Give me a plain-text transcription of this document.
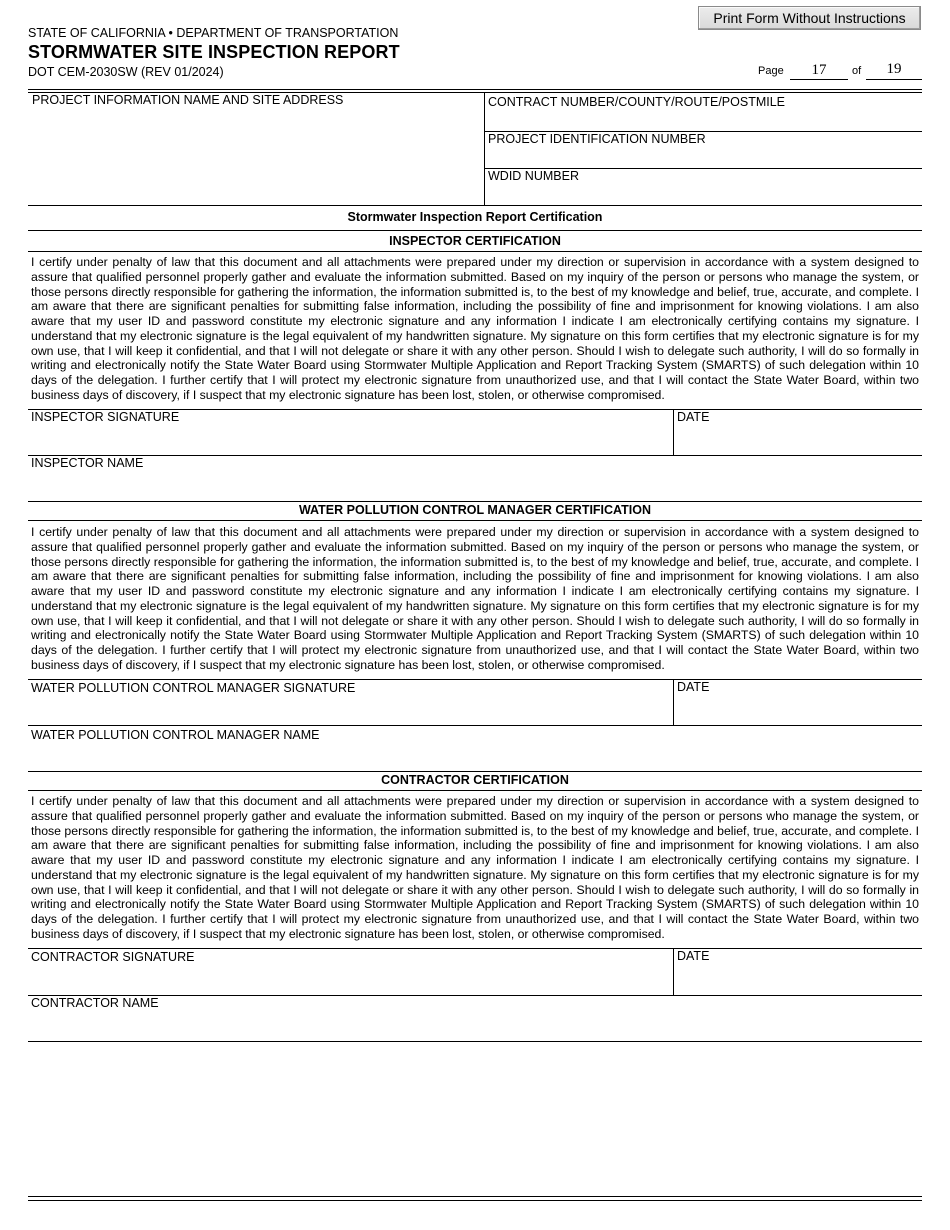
STATE OF CALIFORNIA • DEPARTMENT OF TRANSPORTATION
STORMWATER SITE INSPECTION REPORT
DOT CEM-2030SW (REV 01/2024)
Print Form Without Instructions
Page	17	of	19
PROJECT INFORMATION NAME AND SITE ADDRESS	CONTRACT NUMBER/COUNTY/ROUTE/POSTMILE
PROJECT IDENTIFICATION NUMBER
WDID NUMBER
Stormwater Inspection Report Certification
INSPECTOR CERTIFICATION
I certify under penalty of law that this document and all attachments were prepared under my direction or supervision in accordance with a system designed to assure that qualified personnel properly gather and evaluate the information submitted. Based on my inquiry of the person or persons who manage the system, or those persons directly responsible for gathering the information, the information submitted is, to the best of my knowledge and belief, true, accurate, and complete. I am aware that there are significant penalties for submitting false information, including the possibility of fine and imprisonment for knowing violations. I am also aware that my user ID and password constitute my electronic signature and any information I indicate I am electronically certifying contains my signature. I understand that my electronic signature is the legal equivalent of my handwritten signature. My signature on this form certifies that my electronic signature is for my own use, that I will keep it confidential, and that I will not delegate or share it with any other person. Should I wish to delegate such authority, I will do so formally in writing and electronically notify the State Water Board using Stormwater Multiple Application and Report Tracking System (SMARTS) of such delegation within 10 days of the delegation. I further certify that I will protect my electronic signature from unauthorized use, and that I will contact the State Water Board, within two business days of discovery, if I suspect that my electronic signature has been lost, stolen, or otherwise compromised.
INSPECTOR SIGNATURE	DATE
INSPECTOR NAME
WATER POLLUTION CONTROL MANAGER CERTIFICATION
I certify under penalty of law that this document and all attachments were prepared under my direction or supervision in accordance with a system designed to assure that qualified personnel properly gather and evaluate the information submitted. Based on my inquiry of the person or persons who manage the system, or those persons directly responsible for gathering the information, the information submitted is, to the best of my knowledge and belief, true, accurate, and complete. I am aware that there are significant penalties for submitting false information, including the possibility of fine and imprisonment for knowing violations. I am also aware that my user ID and password constitute my electronic signature and any information I indicate I am electronically certifying contains my signature. I understand that my electronic signature is the legal equivalent of my handwritten signature. My signature on this form certifies that my electronic signature is for my own use, that I will keep it confidential, and that I will not delegate or share it with any other person. Should I wish to delegate such authority, I will do so formally in writing and electronically notify the State Water Board using Stormwater Multiple Application and Report Tracking System (SMARTS) of such delegation within 10 days of the delegation. I further certify that I will protect my electronic signature from unauthorized use, and that I will contact the State Water Board, within two business days of discovery, if I suspect that my electronic signature has been lost, stolen, or otherwise compromised.
WATER POLLUTION CONTROL MANAGER SIGNATURE	DATE
WATER POLLUTION CONTROL MANAGER NAME
CONTRACTOR CERTIFICATION
I certify under penalty of law that this document and all attachments were prepared under my direction or supervision in accordance with a system designed to assure that qualified personnel properly gather and evaluate the information submitted. Based on my inquiry of the person or persons who manage the system, or those persons directly responsible for gathering the information, the information submitted is, to the best of my knowledge and belief, true, accurate, and complete. I am aware that there are significant penalties for submitting false information, including the possibility of fine and imprisonment for knowing violations. I am also aware that my user ID and password constitute my electronic signature and any information I indicate I am electronically certifying contains my signature. I understand that my electronic signature is the legal equivalent of my handwritten signature. My signature on this form certifies that my electronic signature is for my own use, that I will keep it confidential, and that I will not delegate or share it with any other person. Should I wish to delegate such authority, I will do so formally in writing and electronically notify the State Water Board using Stormwater Multiple Application and Report Tracking System (SMARTS) of such delegation within 10 days of the delegation. I further certify that I will protect my electronic signature from unauthorized use, and that I will contact the State Water Board, within two business days of discovery, if I suspect that my electronic signature has been lost, stolen, or otherwise compromised.
CONTRACTOR SIGNATURE	DATE
CONTRACTOR NAME
